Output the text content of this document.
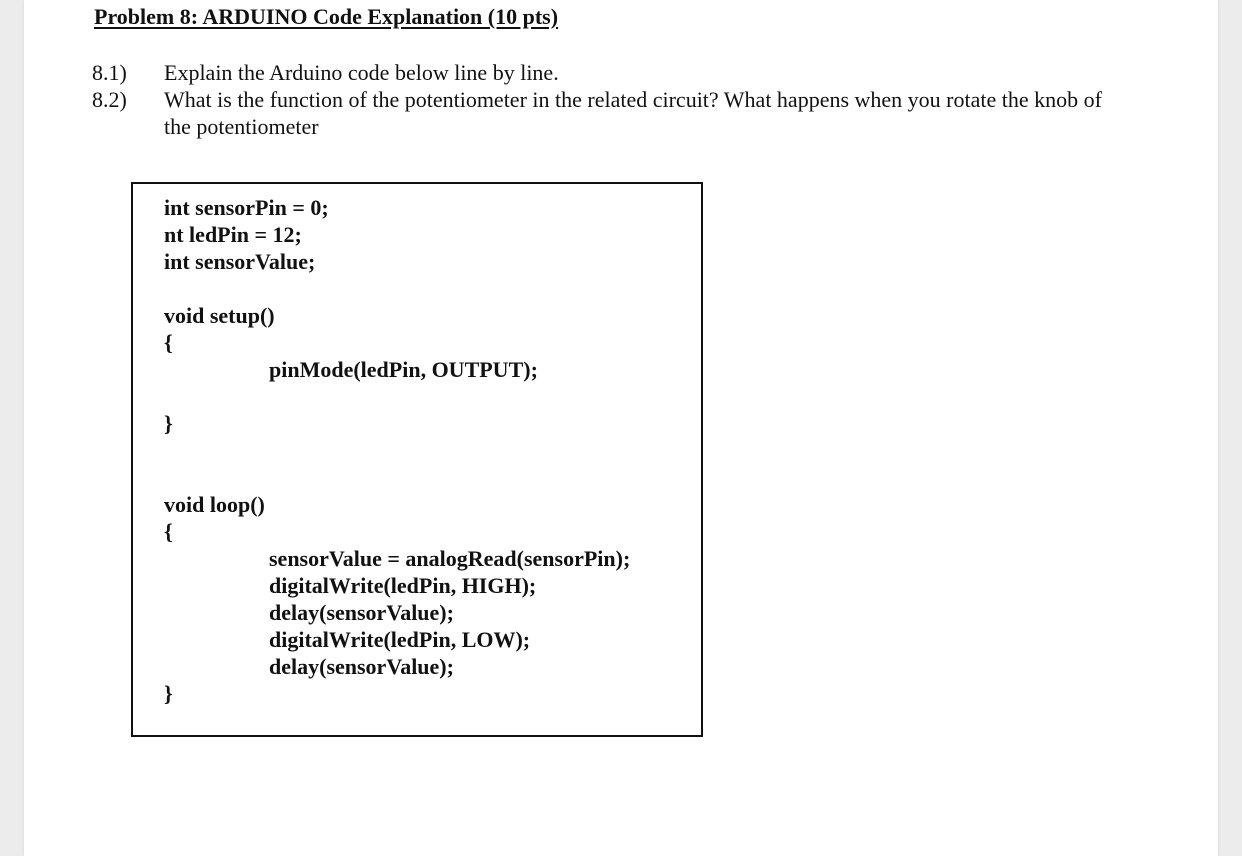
Problem 8: ARDUINO Code Explanation (10 pts)
8.1) Explain the Arduino code below line by line.
8.2) What is the function of the potentiometer in the related circuit? What happens when you rotate the knob of the potentiometer
int sensorPin = 0;
nt ledPin = 12;
int sensorValue;
void setup()
{
pinMode(ledPin, OUTPUT);
}
void loop()
{
sensorValue = analogRead(sensorPin);
digitalWrite(ledPin, HIGH);
delay(sensorValue);
digitalWrite(ledPin, LOW);
delay(sensorValue);
}
